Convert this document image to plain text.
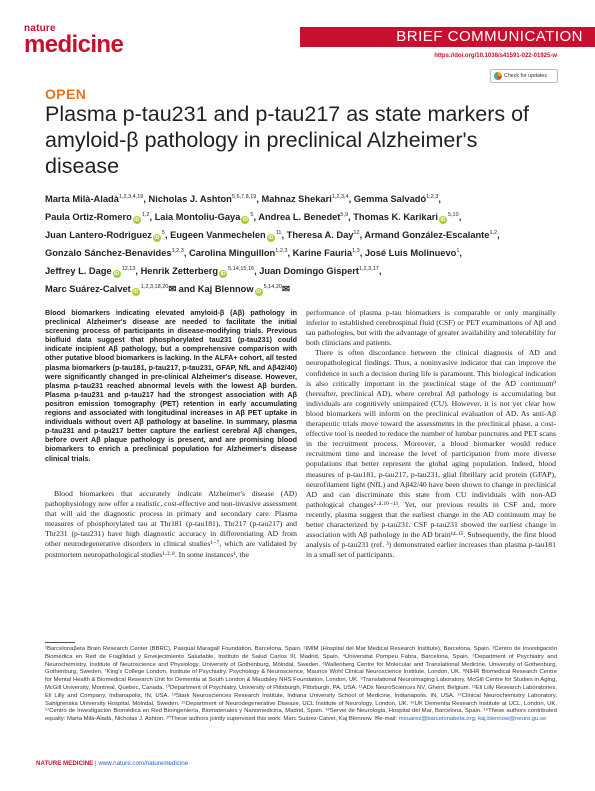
nature
medicine	BRIEF COMMUNICATION
https://doi.org/10.1038/s41591-022-01925-w
Check for updates
OPEN
Plasma p-tau231 and p-tau217 as state markers of amyloid-β pathology in preclinical Alzheimer's disease
Marta Milà-Aladà$^{1,2,3,4,19}$, Nicholas J. Ashton$^{5,6,7,8,19}$, Mahnaz Shekari$^{1,2,3,4}$, Gemma Salvadó$^{1,2,3}$,
Paula Ortiz-Romero iD$^{1,2}$, Laia Montoliu-Gaya $iD^5$, Andrea L. Benedet$^{5,9}$, Thomas K. Karikari iD$^{5,10}$,
Juan Lantero-Rodriguez $iD^5$, Eugeen Vanmechelen $iD^{11}$, Theresa A. Day$^{12}$, Armand González-Escalante$^{1,2}$,
Gonzalo Sánchez-Benavides$^{1,2,3}$, Carolina Minguillon$^{1,2,3}$, Karine Fauria$^{1,3}$, José Luis Molinuevo$^1$,
Jeffrey L. Dage iD$^{12,13}$, Henrik Zetterberg iD$^{5,14,15,16}$, Juan Domingo Gispert$^{1,2,3,17}$,
Marc Suárez-Calvet iD$^{1,2,3,18,20}$✉ and Kaj Blennow iD$^{5,14,20}$✉
Blood biomarkers indicating elevated amyloid-β (Aβ) pathology in preclinical Alzheimer's disease are needed to facilitate the initial screening process of participants in disease-modifying trials. Previous biofluid data suggest that phosphorylated tau231 (p-tau231) could indicate incipient Aβ pathology, but a comprehensive comparison with other putative blood biomarkers is lacking. In the ALFA+ cohort, all tested plasma biomarkers (p-tau181, p-tau217, p-tau231, GFAP, NfL and Aβ42/40) were significantly changed in pre-clinical Alzheimer's disease. However, plasma p-tau231 reached abnormal levels with the lowest Aβ burden. Plasma p-tau231 and p-tau217 had the strongest association with Aβ positron emission tomography (PET) retention in early accumulating regions and associated with longitudinal increases in Aβ PET uptake in individuals without overt Aβ pathology at baseline. In summary, plasma p-tau231 and p-tau217 better capture the earliest cerebral Aβ changes, before overt Aβ plaque pathology is present, and are promising blood biomarkers to enrich a preclinical population for Alzheimer's disease clinical trials.

Blood biomarkers that accurately indicate Alzheimer's disease (AD) pathophysiology now offer a realistic, cost-effective and non-invasive assessment that will aid the diagnostic process in primary and secondary care. Plasma measures of phosphorylated tau at Thr181 (p-tau181), Thr217 (p-tau217) and Thr231 (p-tau231) have high diagnostic accuracy in differentiating AD from other neurodegenerative disorders in clinical studies¹⁻⁷, which are validated by postmortem neuropathological studies¹·²·⁸. In some instances¹, the

performance of plasma p-tau biomarkers is comparable or only marginally inferior to established cerebrospinal fluid (CSF) or PET examinations of Aβ and tau pathologies, but with the advantage of greater availability and tolerability for both clinicians and patients.

There is often discordance between the clinical diagnosis of AD and neuropathological findings. Thus, a noninvasive indicator that can improve the confidence in such a decision during life is paramount. This biological indication is also critically important in the preclinical stage of the AD continuum⁹ (hereafter, preclinical AD), where cerebral Aβ pathology is accumulating but individuals are cognitively unimpaired (CU). However, it is not yet clear how blood biomarkers will inform on the preclinical evaluation of AD. As anti-Aβ therapeutic trials move toward the assessments in the preclinical phase, a cost-effective tool is needed to reduce the number of lumbar punctures and PET scans in the recruitment process. Moreover, a blood biomarker would reduce recruitment time and increase the level of participation from more diverse populations that better represent the global aging population. Indeed, blood measures of p-tau181, p-tau217, p-tau231, glial fibrillary acid protein (GFAP), neurofilament light (NfL) and Aβ42/40 have been shown to change in preclinical AD and can discriminate this state from CU individuals with non-AD pathological changes²·⁴·¹⁰⁻¹³. Yet, our previous results in CSF and, more recently, plasma suggest that the earliest change in the AD continuum may be better characterized by p-tau231. CSF p-tau231 showed the earliest change in association with Aβ pathology in the AD brain¹⁴·¹⁵. Subsequently, the first blood analysis of p-tau231 (ref. ³) demonstrated earlier increases than plasma p-tau181 in a small set of participants.

¹Barcelonaβeta Brain Research Center (BBRC), Pasqual Maragall Foundation, Barcelona, Spain. ²IMIM (Hospital del Mar Medical Research Institute), Barcelona, Spain. ³Centro de Investigación Biomédica en Red de Fragilidad y Envejecimiento Saludable, Instituto de Salud Carlos III, Madrid, Spain. ⁴Universitat Pompeu Fabra, Barcelona, Spain. ⁵Department of Psychiatry and Neurochemistry, Institute of Neuroscience and Physiology, University of Gothenburg, Mölndal, Sweden. ⁶Wallenberg Centre for Molecular and Translational Medicine, University of Gothenburg, Gothenburg, Sweden. ⁷King's College London, Institute of Psychiatry, Psychology & Neuroscience, Maurice Wohl Clinical Neuroscience Institute, London, UK. ⁸NIHR Biomedical Research Centre for Mental Health & Biomedical Research Unit for Dementia at South London & Maudsley NHS Foundation, London, UK. ⁹Translational Neuroimaging Laboratory, McGill Centre for Studies in Aging, McGill University, Montreal, Quebec, Canada. ¹⁰Department of Psychiatry, University of Pittsburgh, Pittsburgh, PA, USA. ¹¹ADx NeuroSciences NV, Ghent, Belgium. ¹²Eli Lilly Research Laboratories, Eli Lilly and Company, Indianapolis, IN, USA. ¹³Stark Neurosciences Research Institute, Indiana University School of Medicine, Indianapolis, IN, USA. ¹⁴Clinical Neurochemistry Laboratory, Sahlgrenska University Hospital, Mölndal, Sweden. ¹⁵Department of Neurodegenerative Disease, UCL Institute of Neurology, London, UK. ¹⁶UK Dementia Research Institute at UCL, London, UK. ¹⁷Centro de Investigación Biomédica en Red Bioingeniería, Biomateriales y Nanomedicina, Madrid, Spain. ¹⁸Servei de Neurologia, Hospital del Mar, Barcelona, Spain. ¹⁹These authors contributed equally: Marta Milà-Aladà, Nicholas J. Ashton. ²⁰These authors jointly supervised this work: Marc Suárez-Calvet, Kaj Blennow. ✉e-mail: msuarez@barcelonabeta.org; kaj.blennow@neuro.gu.se
NATURE MEDICINE | www.nature.com/naturemedicine
